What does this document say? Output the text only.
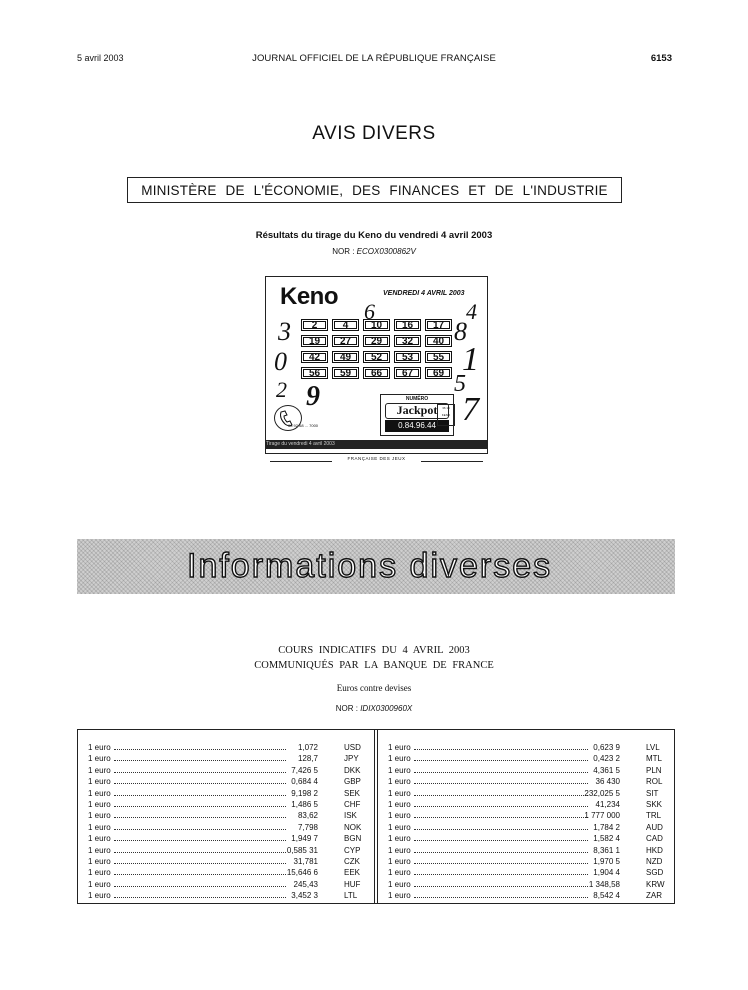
5 avril 2003	JOURNAL OFFICIEL DE LA RÉPUBLIQUE FRANÇAISE	6153
AVIS DIVERS
MINISTÈRE DE L'ÉCONOMIE, DES FINANCES ET DE L'INDUSTRIE
Résultats du tirage du Keno du vendredi 4 avril 2003
NOR : ECOX0300862V
Keno	VENDREDI 4 AVRIL 2003
6	4
3	8
0	1
5
2 9	7
2	4	10	16	17
19	27	29	32	40
42	49	52	53	55
56	59	66	67	69
08 92 68 ... 7000
NUMÉRO
Jackpot
0.84.96.44
36 15 KENO
Tirage du vendredi 4 avril 2003
FRANÇAISE DES JEUX
Informations diverses
COURS INDICATIFS DU 4 AVRIL 2003
COMMUNIQUÉS PAR LA BANQUE DE FRANCE
Euros contre devises
NOR : IDIX0300960X
1 euro	1,072	USD
1 euro	128,7	JPY
1 euro	7,426 5	DKK
1 euro	0,684 4	GBP
1 euro	9,198 2	SEK
1 euro	1,486 5	CHF
1 euro	83,62	ISK
1 euro	7,798	NOK
1 euro	1,949 7	BGN
1 euro	0,585 31	CYP
1 euro	31,781	CZK
1 euro	15,646 6	EEK
1 euro	245,43	HUF
1 euro	3,452 3	LTL
1 euro	0,623 9	LVL
1 euro	0,423 2	MTL
1 euro	4,361 5	PLN
1 euro	36 430	ROL
1 euro	232,025 5	SIT
1 euro	41,234	SKK
1 euro	1 777 000	TRL
1 euro	1,784 2	AUD
1 euro	1,582 4	CAD
1 euro	8,361 1	HKD
1 euro	1,970 5	NZD
1 euro	1,904 4	SGD
1 euro	1 348,58	KRW
1 euro	8,542 4	ZAR
